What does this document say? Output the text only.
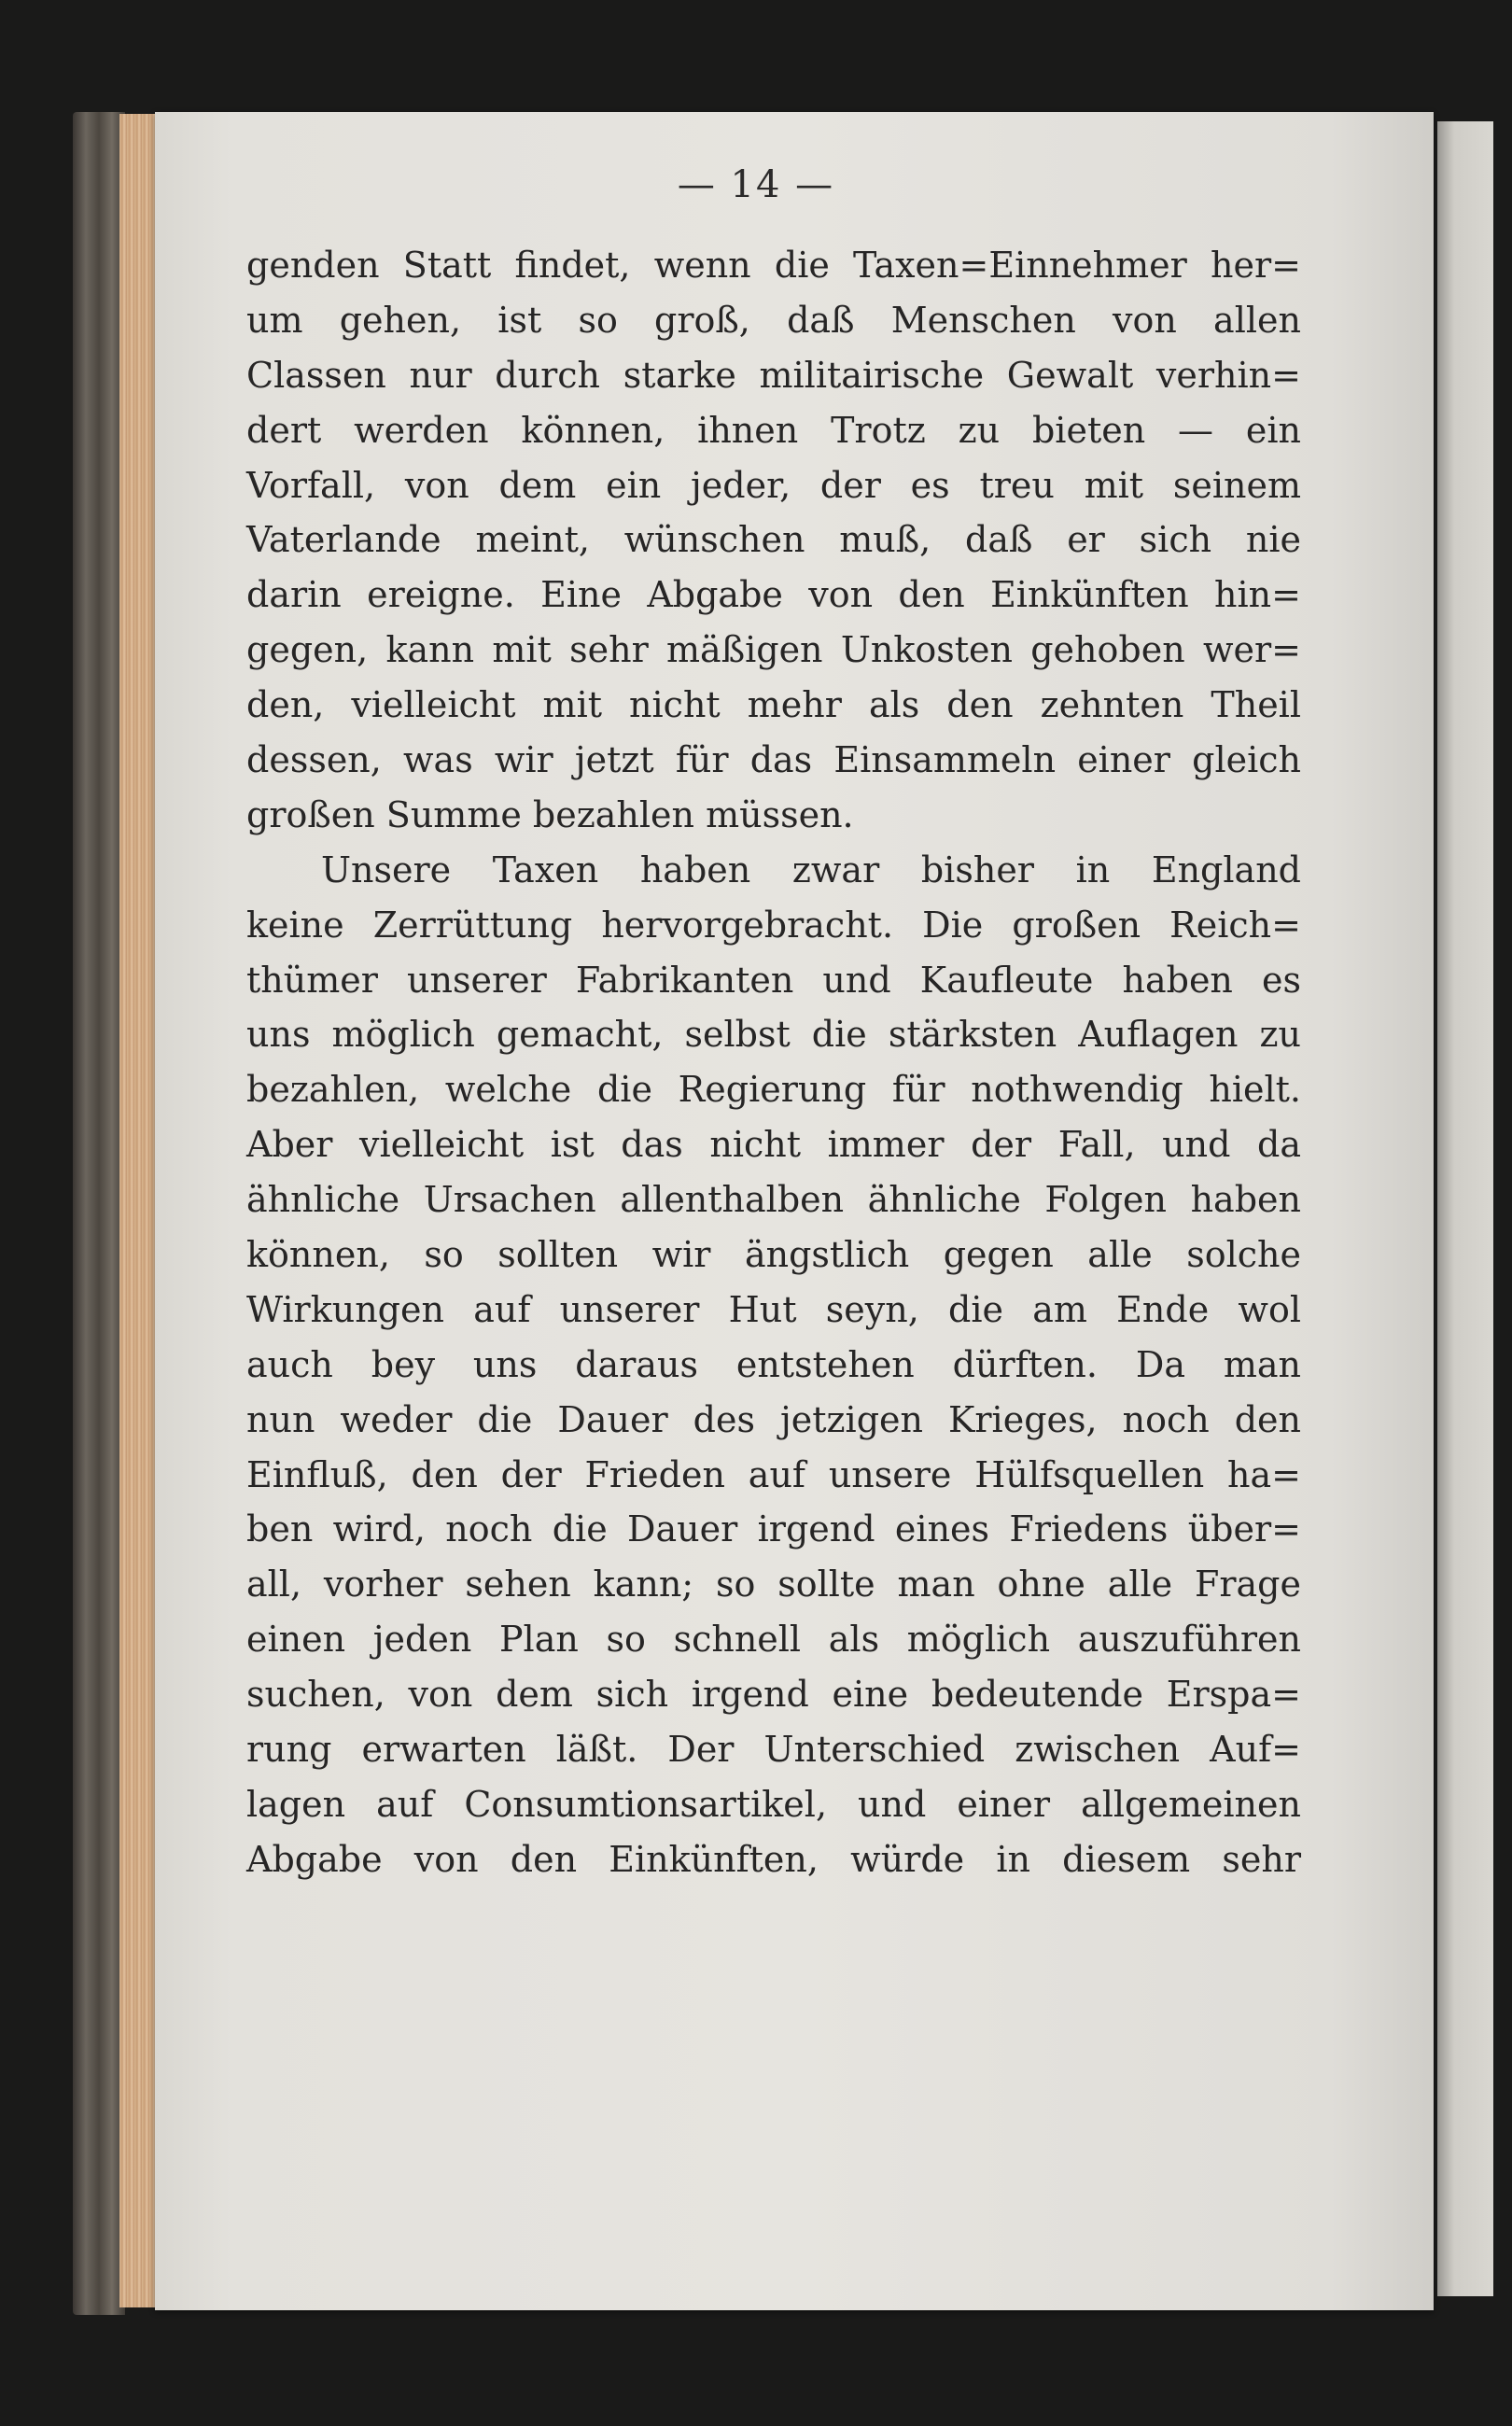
— 14 —
genden Statt findet, wenn die Taxen=Einnehmer her=
um gehen, ist so groß, daß Menschen von allen
Classen nur durch starke militairische Gewalt verhin=
dert werden können, ihnen Trotz zu bieten — ein
Vorfall, von dem ein jeder, der es treu mit seinem
Vaterlande meint, wünschen muß, daß er sich nie
darin ereigne. Eine Abgabe von den Einkünften hin=
gegen, kann mit sehr mäßigen Unkosten gehoben wer=
den, vielleicht mit nicht mehr als den zehnten Theil
dessen, was wir jetzt für das Einsammeln einer gleich
großen Summe bezahlen müssen.
Unsere Taxen haben zwar bisher in England
keine Zerrüttung hervorgebracht. Die großen Reich=
thümer unserer Fabrikanten und Kaufleute haben es
uns möglich gemacht, selbst die stärksten Auflagen zu
bezahlen, welche die Regierung für nothwendig hielt.
Aber vielleicht ist das nicht immer der Fall, und da
ähnliche Ursachen allenthalben ähnliche Folgen haben
können, so sollten wir ängstlich gegen alle solche
Wirkungen auf unserer Hut seyn, die am Ende wol
auch bey uns daraus entstehen dürften. Da man
nun weder die Dauer des jetzigen Krieges, noch den
Einfluß, den der Frieden auf unsere Hülfsquellen ha=
ben wird, noch die Dauer irgend eines Friedens über=
all, vorher sehen kann; so sollte man ohne alle Frage
einen jeden Plan so schnell als möglich auszuführen
suchen, von dem sich irgend eine bedeutende Erspa=
rung erwarten läßt. Der Unterschied zwischen Auf=
lagen auf Consumtionsartikel, und einer allgemeinen
Abgabe von den Einkünften, würde in diesem sehr
